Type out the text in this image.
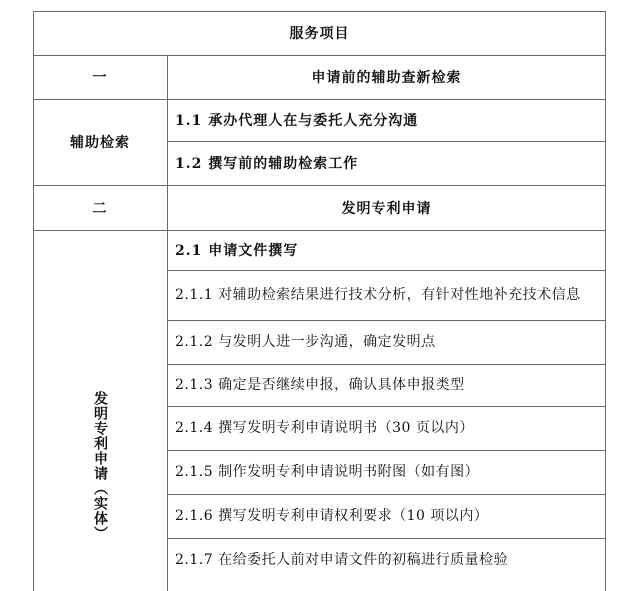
服务项目
一	申请前的辅助查新检索
辅助检索
1.1 承办代理人在与委托人充分沟通
1.2 撰写前的辅助检索工作
二	发明专利申请
发明专利申请（实体）
2.1 申请文件撰写
2.1.1 对辅助检索结果进行技术分析，有针对性地补充技术信息
2.1.2 与发明人进一步沟通，确定发明点
2.1.3 确定是否继续申报，确认具体申报类型
2.1.4 撰写发明专利申请说明书（30 页以内）
2.1.5 制作发明专利申请说明书附图（如有图）
2.1.6 撰写发明专利申请权利要求（10 项以内）
2.1.7 在给委托人前对申请文件的初稿进行质量检验
